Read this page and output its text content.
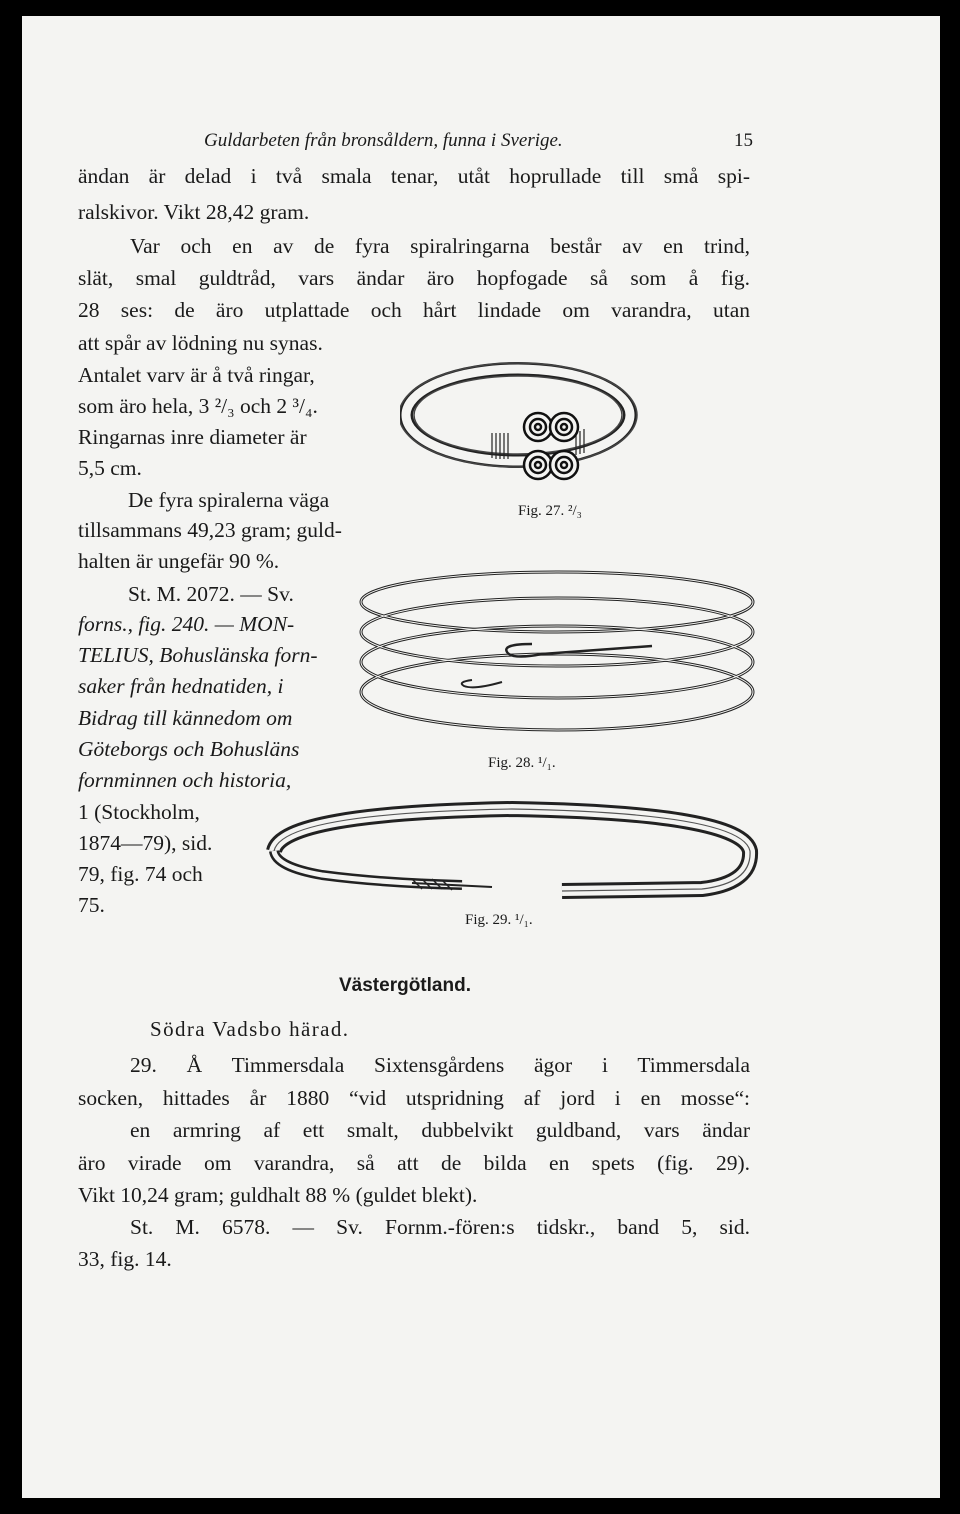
Guldarbeten från bronsåldern, funna i Sverige.	15
ändan är delad i två smala tenar, utåt hoprullade till små spi-
ralskivor. Vikt 28,42 gram.
Var och en av de fyra spiralringarna består av en trind,
slät, smal guldtråd, vars ändar äro hopfogade så som å fig.
28 ses: de äro utplattade och hårt lindade om varandra, utan
att spår av lödning nu synas.
Antalet varv är å två ringar,
som äro hela, 3 ²/₃ och 2 ³/₄.
Ringarnas inre diameter är
5,5 cm.
De fyra spiralerna väga
tillsammans 49,23 gram; guld-
halten är ungefär 90 %.
St. M. 2072. — Sv.
forns., fig. 240. — MON-
TELIUS, Bohuslänska forn-
saker från hednatiden, i
Bidrag till kännedom om
Göteborgs och Bohusläns
fornminnen och historia,
1 (Stockholm,
1874—79), sid.
79, fig. 74 och
75.
Fig. 27. ²/₃
Fig. 28. ¹/₁.
Fig. 29. ¹/₁.
Västergötland.
Södra Vadsbo härad.
29. Å Timmersdala Sixtensgårdens ägor i Timmersdala
socken, hittades år 1880 “vid utspridning af jord i en mosse“:
en armring af ett smalt, dubbelvikt guldband, vars ändar
äro virade om varandra, så att de bilda en spets (fig. 29).
Vikt 10,24 gram; guldhalt 88 % (guldet blekt).
St. M. 6578. — Sv. Fornm.-fören:s tidskr., band 5, sid.
33, fig. 14.
